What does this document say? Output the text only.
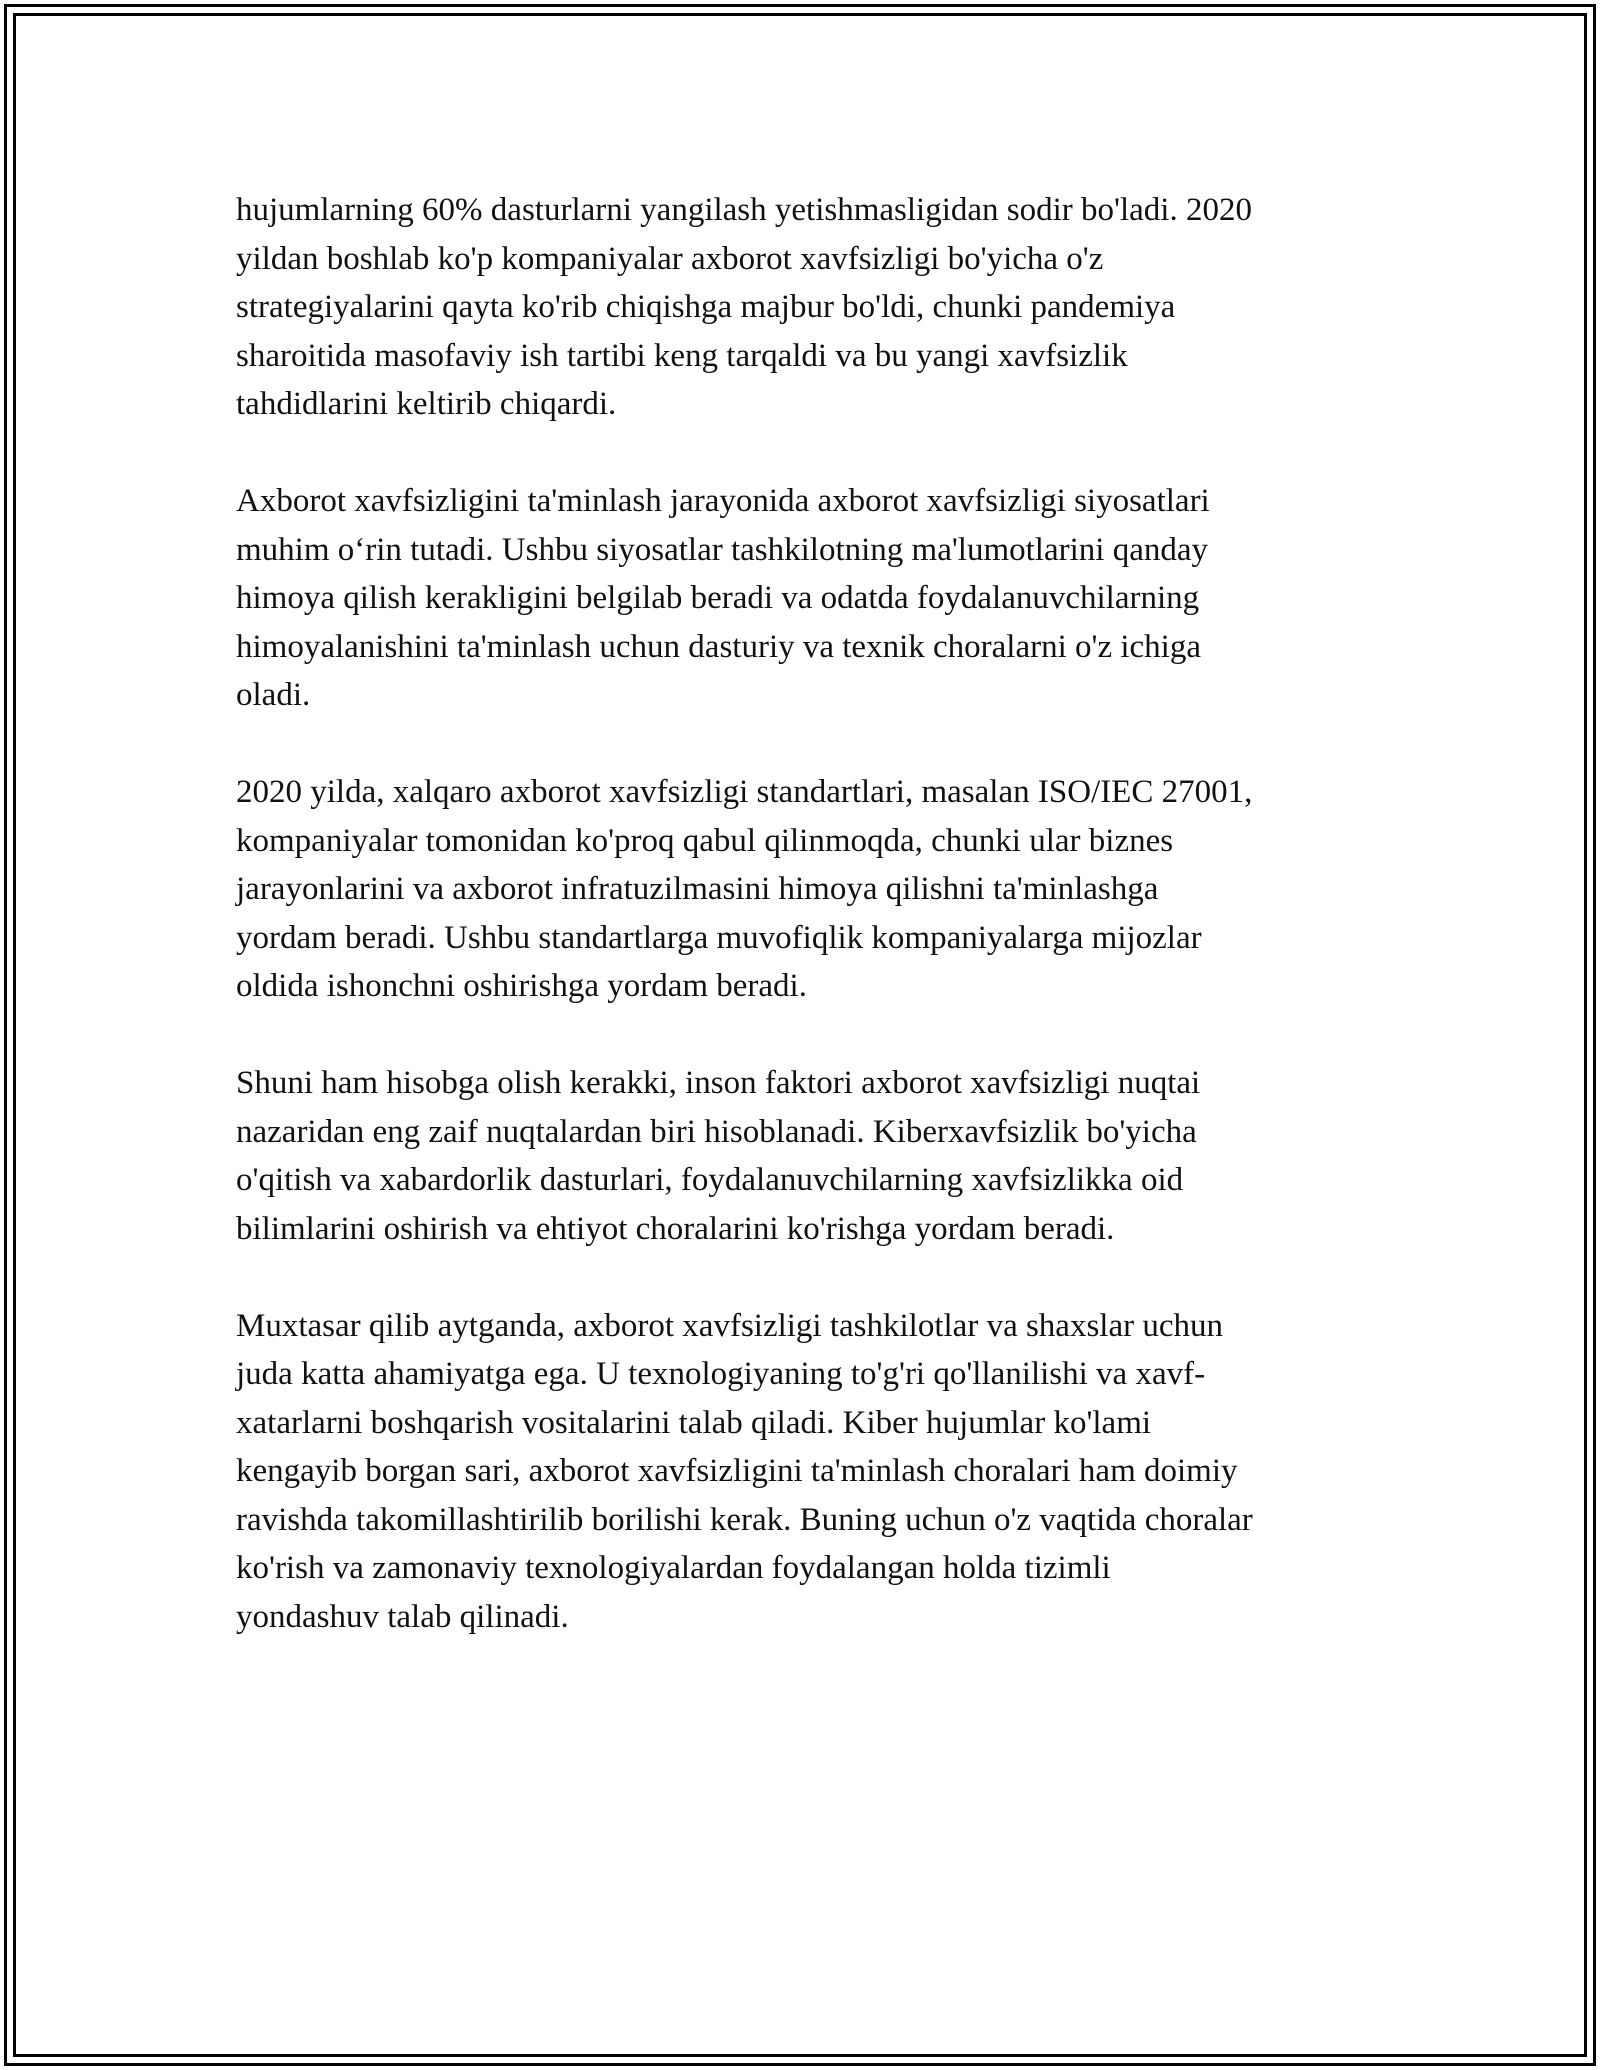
hujumlarning 60% dasturlarni yangilash yetishmasligidan sodir bo'ladi. 2020
yildan boshlab ko'p kompaniyalar axborot xavfsizligi bo'yicha o'z
strategiyalarini qayta ko'rib chiqishga majbur bo'ldi, chunki pandemiya
sharoitida masofaviy ish tartibi keng tarqaldi va bu yangi xavfsizlik
tahdidlarini keltirib chiqardi.
Axborot xavfsizligini ta'minlash jarayonida axborot xavfsizligi siyosatlari
muhim o‘rin tutadi. Ushbu siyosatlar tashkilotning ma'lumotlarini qanday
himoya qilish kerakligini belgilab beradi va odatda foydalanuvchilarning
himoyalanishini ta'minlash uchun dasturiy va texnik choralarni o'z ichiga
oladi.
2020 yilda, xalqaro axborot xavfsizligi standartlari, masalan ISO/IEC 27001,
kompaniyalar tomonidan ko'proq qabul qilinmoqda, chunki ular biznes
jarayonlarini va axborot infratuzilmasini himoya qilishni ta'minlashga
yordam beradi. Ushbu standartlarga muvofiqlik kompaniyalarga mijozlar
oldida ishonchni oshirishga yordam beradi.
Shuni ham hisobga olish kerakki, inson faktori axborot xavfsizligi nuqtai
nazaridan eng zaif nuqtalardan biri hisoblanadi. Kiberxavfsizlik bo'yicha
o'qitish va xabardorlik dasturlari, foydalanuvchilarning xavfsizlikka oid
bilimlarini oshirish va ehtiyot choralarini ko'rishga yordam beradi.
Muxtasar qilib aytganda, axborot xavfsizligi tashkilotlar va shaxslar uchun
juda katta ahamiyatga ega. U texnologiyaning to'g'ri qo'llanilishi va xavf-
xatarlarni boshqarish vositalarini talab qiladi. Kiber hujumlar ko'lami
kengayib borgan sari, axborot xavfsizligini ta'minlash choralari ham doimiy
ravishda takomillashtirilib borilishi kerak. Buning uchun o'z vaqtida choralar
ko'rish va zamonaviy texnologiyalardan foydalangan holda tizimli
yondashuv talab qilinadi.
